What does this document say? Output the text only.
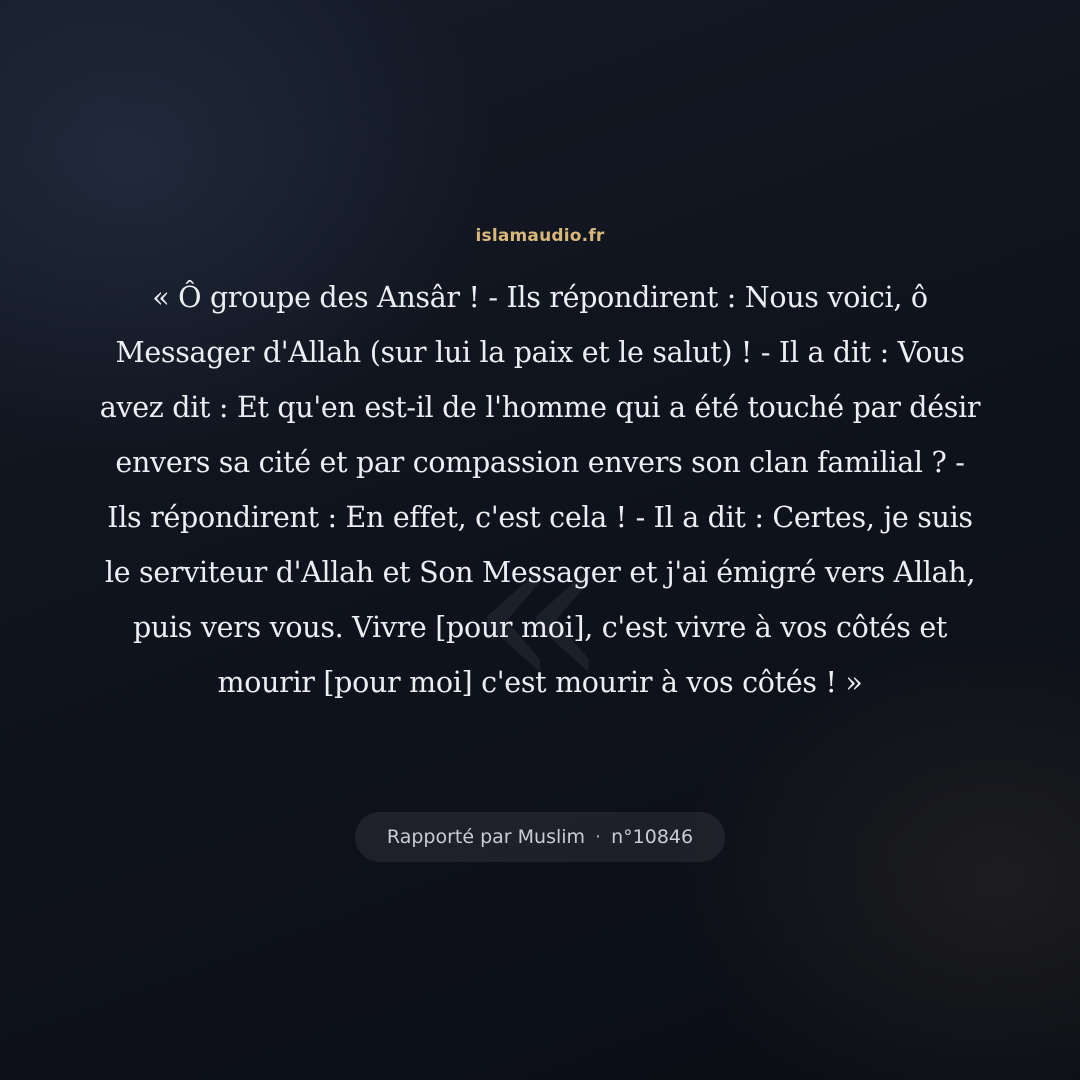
«
islamaudio.fr
« Ô groupe des Ansâr ! - Ils répondirent : Nous voici, ô Messager d'Allah (sur lui la paix et le salut) ! - Il a dit : Vous avez dit : Et qu'en est-il de l'homme qui a été touché par désir envers sa cité et par compassion envers son clan familial ? - Ils répondirent : En effet, c'est cela ! - Il a dit : Certes, je suis le serviteur d'Allah et Son Messager et j'ai émigré vers Allah, puis vers vous. Vivre [pour moi], c'est vivre à vos côtés et mourir [pour moi] c'est mourir à vos côtés ! »
Rapporté par Muslim · n°10846
